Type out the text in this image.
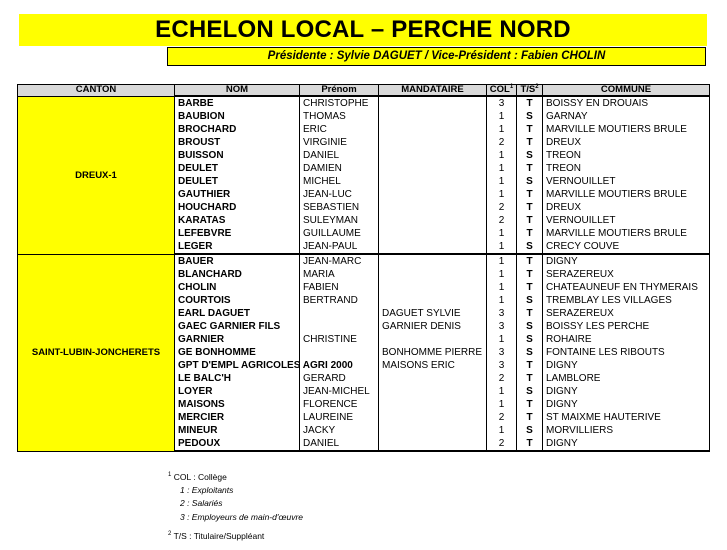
ECHELON LOCAL – PERCHE NORD
Présidente : Sylvie DAGUET / Vice-Président : Fabien CHOLIN
CANTON	NOM	Prénom	MANDATAIRE	COL$^1$	$T/S^2$	COMMUNE
DREUX-1	BARBE	CHRISTOPHE		3	T	BOISSY EN DROUAIS
	BAUBION	THOMAS		1	S	GARNAY
	BROCHARD	ERIC		1	T	MARVILLE MOUTIERS BRULE
	BROUST	VIRGINIE		2	T	DREUX
	BUISSON	DANIEL		1	S	TREON
	DEULET	DAMIEN		1	T	TREON
	DEULET	MICHEL		1	S	VERNOUILLET
	GAUTHIER	JEAN-LUC		1	T	MARVILLE MOUTIERS BRULE
	HOUCHARD	SEBASTIEN		2	T	DREUX
	KARATAS	SULEYMAN		2	T	VERNOUILLET
	LEFEBVRE	GUILLAUME		1	T	MARVILLE MOUTIERS BRULE
	LEGER	JEAN-PAUL		1	S	CRECY COUVE
SAINT-LUBIN-JONCHERETS	BAUER	JEAN-MARC		1	T	DIGNY
	BLANCHARD	MARIA		1	T	SERAZEREUX
	CHOLIN	FABIEN		1	T	CHATEAUNEUF EN THYMERAIS
	COURTOIS	BERTRAND		1	S	TREMBLAY LES VILLAGES
	EARL DAGUET		DAGUET SYLVIE	3	T	SERAZEREUX
	GAEC GARNIER FILS		GARNIER DENIS	3	S	BOISSY LES PERCHE
	GARNIER	CHRISTINE		1	S	ROHAIRE
	GE BONHOMME		BONHOMME PIERRE	3	S	FONTAINE LES RIBOUTS
	GPT D'EMPL AGRICOLES AGRI 2000		MAISONS ERIC	3	T	DIGNY
	LE BALC'H	GERARD		2	T	LAMBLORE
	LOYER	JEAN-MICHEL		1	S	DIGNY
	MAISONS	FLORENCE		1	T	DIGNY
	MERCIER	LAUREINE		2	T	ST MAIXME HAUTERIVE
	MINEUR	JACKY		1	S	MORVILLIERS
	PEDOUX	DANIEL		2	T	DIGNY
$^1$ COL : Collège
1 : Exploitants
2 : Salariés
3 : Employeurs de main-d'œuvre
$^2$ T/S : Titulaire/Suppléant
